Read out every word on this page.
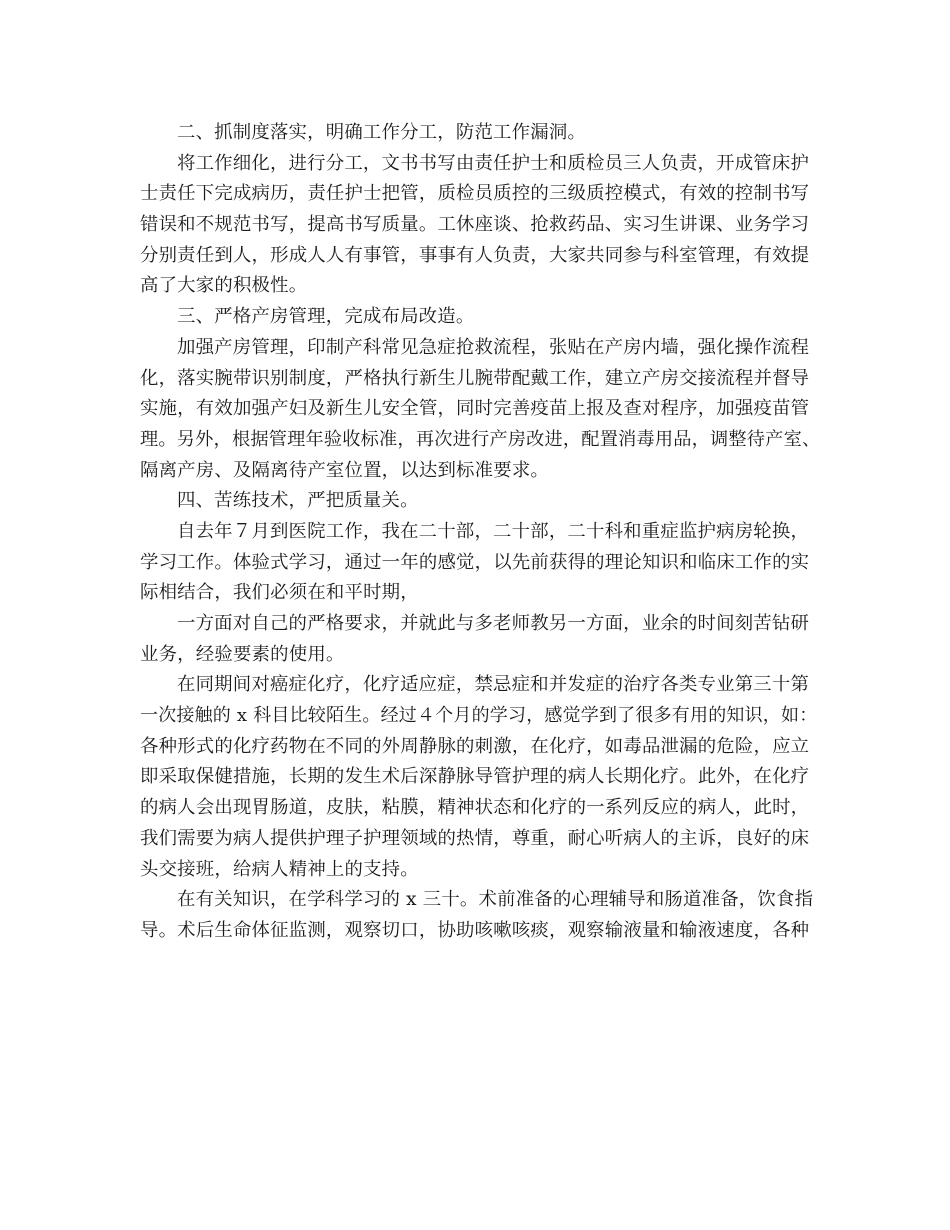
二、抓制度落实，明确工作分工，防范工作漏洞。
将工作细化，进行分工，文书书写由责任护士和质检员三人负责，开成管床护
士责任下完成病历，责任护士把管，质检员质控的三级质控模式，有效的控制书写
错误和不规范书写，提高书写质量。工休座谈、抢救药品、实习生讲课、业务学习
分别责任到人，形成人人有事管，事事有人负责，大家共同参与科室管理，有效提
高了大家的积极性。
三、严格产房管理，完成布局改造。
加强产房管理，印制产科常见急症抢救流程，张贴在产房内墙，强化操作流程
化，落实腕带识别制度，严格执行新生儿腕带配戴工作，建立产房交接流程并督导
实施，有效加强产妇及新生儿安全管，同时完善疫苗上报及查对程序，加强疫苗管
理。另外，根据管理年验收标准，再次进行产房改进，配置消毒用品，调整待产室、
隔离产房、及隔离待产室位置，以达到标准要求。
四、苦练技术，严把质量关。
自去年７月到医院工作，我在二十部，二十部，二十科和重症监护病房轮换，
学习工作。体验式学习，通过一年的感觉，以先前获得的理论知识和临床工作的实
际相结合，我们必须在和平时期，
一方面对自己的严格要求，并就此与多老师教另一方面，业余的时间刻苦钻研
业务，经验要素的使用。
在同期间对癌症化疗，化疗适应症，禁忌症和并发症的治疗各类专业第三十第
一次接触的 x 科目比较陌生。经过４个月的学习，感觉学到了很多有用的知识，如：
各种形式的化疗药物在不同的外周静脉的刺激，在化疗，如毒品泄漏的危险，应立
即采取保健措施，长期的发生术后深静脉导管护理的病人长期化疗。此外，在化疗
的病人会出现胃肠道，皮肤，粘膜，精神状态和化疗的一系列反应的病人，此时，
我们需要为病人提供护理子护理领域的热情，尊重，耐心听病人的主诉，良好的床
头交接班，给病人精神上的支持。
在有关知识，在学科学习的 x 三十。术前准备的心理辅导和肠道准备，饮食指
导。术后生命体征监测，观察切口，协助咳嗽咳痰，观察输液量和输液速度，各种
